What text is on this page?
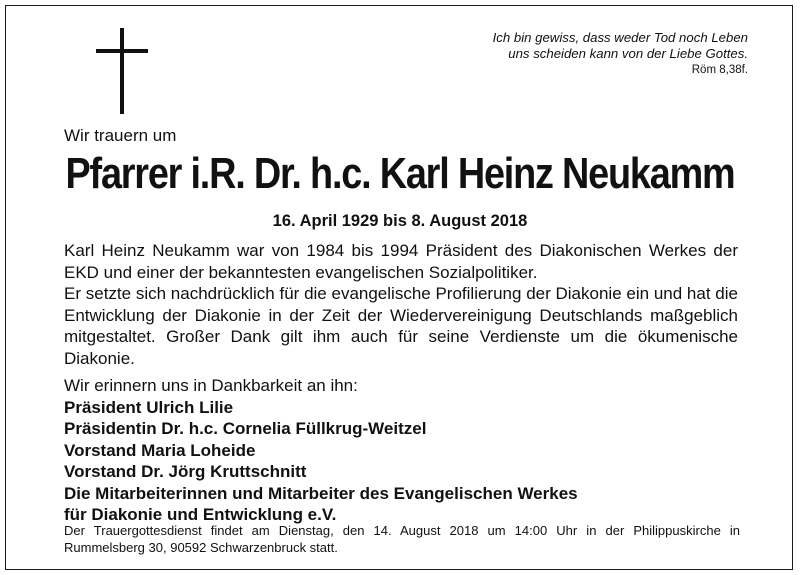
Ich bin gewiss, dass weder Tod noch Leben
uns scheiden kann von der Liebe Gottes.
Röm 8,38f.
Wir trauern um
Pfarrer i.R. Dr. h.c. Karl Heinz Neukamm
16. April 1929 bis 8. August 2018

Karl Heinz Neukamm war von 1984 bis 1994 Präsident des Diakonischen Werkes der EKD und einer der bekanntesten evangelischen Sozialpolitiker.

Er setzte sich nachdrücklich für die evangelische Profilierung der Diakonie ein und hat die Entwicklung der Diakonie in der Zeit der Wiedervereinigung Deutschlands maßgeblich mitgestaltet. Großer Dank gilt ihm auch für seine Verdienste um die ökumenische Diakonie.

Wir erinnern uns in Dankbarkeit an ihn:
Präsident Ulrich Lilie
Präsidentin Dr. h.c. Cornelia Füllkrug-Weitzel
Vorstand Maria Loheide
Vorstand Dr. Jörg Kruttschnitt
Die Mitarbeiterinnen und Mitarbeiter des Evangelischen Werkes
für Diakonie und Entwicklung e.V.
Der Trauergottesdienst findet am Dienstag, den 14. August 2018 um 14:00 Uhr in der Philippuskirche in Rummelsberg 30, 90592 Schwarzenbruck statt.
